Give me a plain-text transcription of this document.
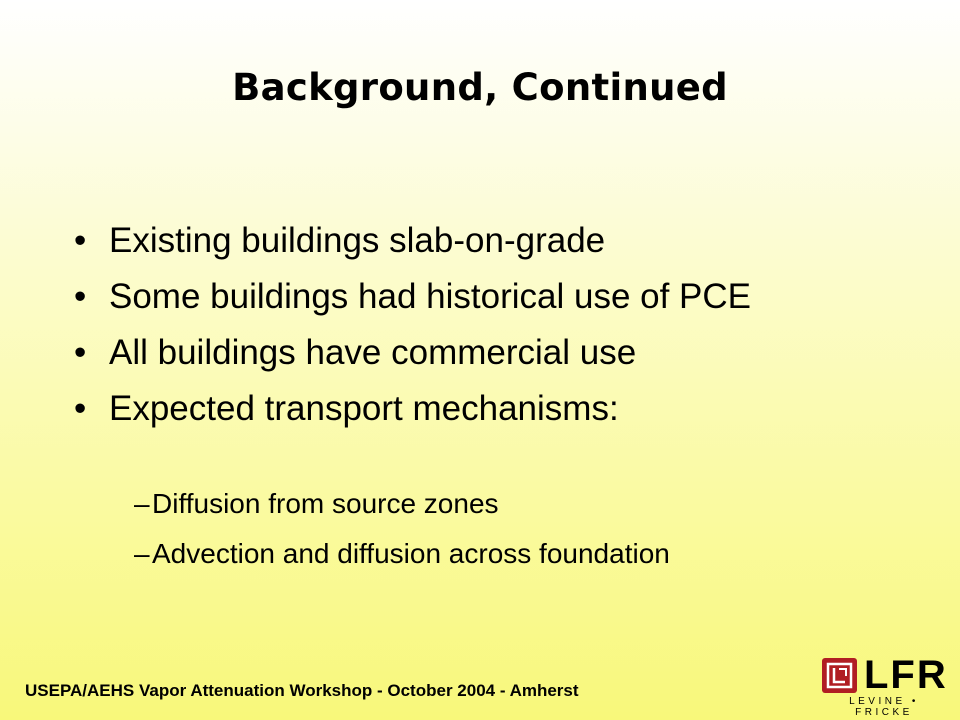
Background, Continued
• Existing buildings slab-on-grade
• Some buildings had historical use of PCE
• All buildings have commercial use
• Expected transport mechanisms:
– Diffusion from source zones
– Advection and diffusion across foundation
USEPA/AEHS Vapor Attenuation Workshop - October 2004 - Amherst	LFR
LEVINE • FRICKE
